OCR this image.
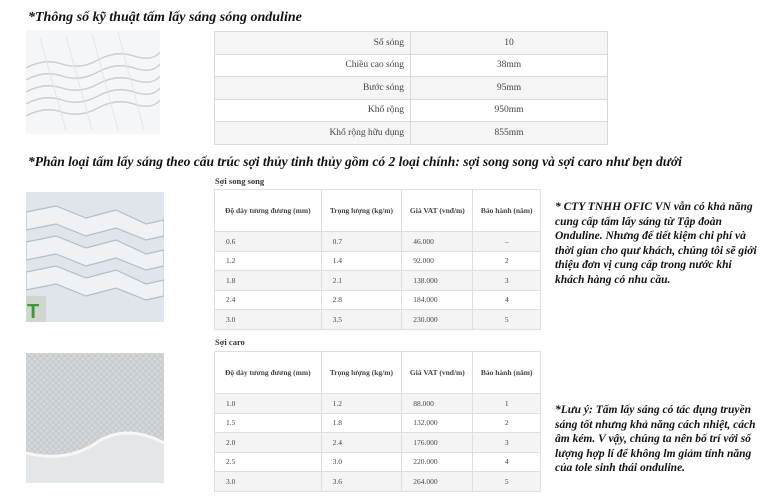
*Thông số kỹ thuật tấm lấy sáng sóng onduline
Số sóng	10
Chiều cao sóng	38mm
Bước sóng	95mm
Khổ rộng	950mm
Khổ rộng hữu dụng	855mm
*Phân loại tấm lấy sáng theo cấu trúc sợi thủy tinh thủy gồm có 2 loại chính: sợi song song và sợi caro như bẹn dưới
T
Sợi song song
Độ dày tương đương (mm)	Trọng lượng (kg/m)	Giá VAT (vnđ/m)	Bảo hành (năm)
0.6	0.7	46.000	–
1.2	1.4	92.000	2
1.8	2.1	138.000	3
2.4	2.8	184.000	4
3.0	3.5	230.000	5
* CTY TNHH OFIC VN vẫn có khả năng cung cấp tấm lấy sáng từ Tập đoàn Onduline. Nhưng để tiết kiệm chi phí và thời gian cho quư khách, chúng tôi sẽ giới thiệu đơn vị cung cấp trong nước khi khách hàng có nhu cầu.
Sợi caro
Độ dày tương đương (mm)	Trọng lượng (kg/m)	Giá VAT (vnđ/m)	Bảo hành (năm)
1.0	1.2	88.000	1
1.5	1.8	132.000	2
2.0	2.4	176.000	3
2.5	3.0	220.000	4
3.0	3.6	264.000	5
*Lưu ý: Tấm lấy sáng có tác dụng truyền sáng tốt nhưng khả năng cách nhiệt, cách âm kém. V vậy, chúng ta nên bố trí với số lượng hợp lí để không lm giảm tính năng của tole sinh thái onduline.
